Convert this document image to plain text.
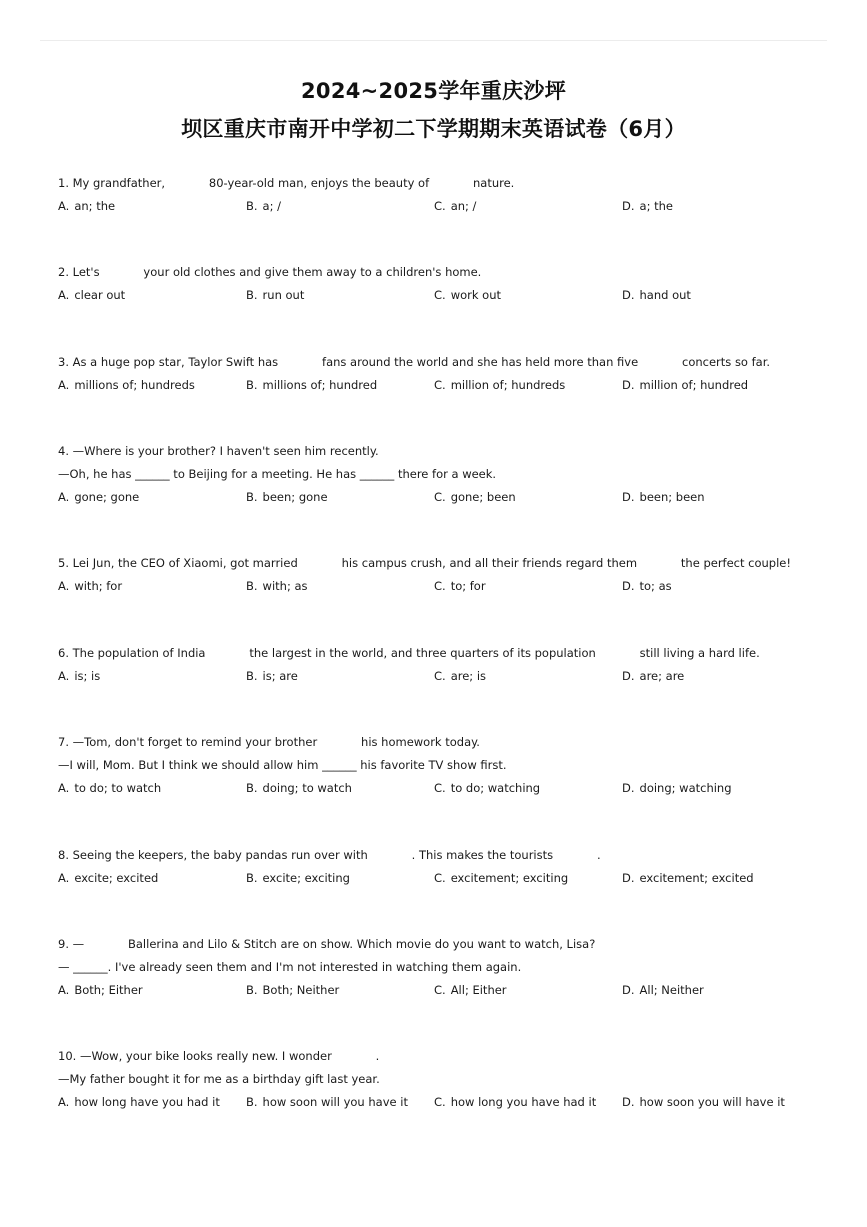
2024~2025学年重庆沙坪
坝区重庆市南开中学初二下学期期末英语试卷（6月）
1. My grandfather,            80-year-old man, enjoys the beauty of            nature.
A. an; the	B. a; /	C. an; /	D. a; the
2. Let's            your old clothes and give them away to a children's home.
A. clear out	B. run out	C. work out	D. hand out
3. As a huge pop star, Taylor Swift has            fans around the world and she has held more than five            concerts so far.
A. millions of; hundreds	B. millions of; hundred	C. million of; hundreds	D. million of; hundred
4. —Where is your brother? I haven't seen him recently.
—Oh, he has ______ to Beijing for a meeting. He has ______ there for a week.
A. gone; gone	B. been; gone	C. gone; been	D. been; been
5. Lei Jun, the CEO of Xiaomi, got married            his campus crush, and all their friends regard them            the perfect couple!
A. with; for	B. with; as	C. to; for	D. to; as
6. The population of India            the largest in the world, and three quarters of its population            still living a hard life.
A. is; is	B. is; are	C. are; is	D. are; are
7. —Tom, don't forget to remind your brother            his homework today.
—I will, Mom. But I think we should allow him ______ his favorite TV show first.
A. to do; to watch	B. doing; to watch	C. to do; watching	D. doing; watching
8. Seeing the keepers, the baby pandas run over with            . This makes the tourists            .
A. excite; excited	B. excite; exciting	C. excitement; exciting	D. excitement; excited
9. —            Ballerina and Lilo & Stitch are on show. Which movie do you want to watch, Lisa?
— ______. I've already seen them and I'm not interested in watching them again.
A. Both; Either	B. Both; Neither	C. All; Either	D. All; Neither
10. —Wow, your bike looks really new. I wonder            .
—My father bought it for me as a birthday gift last year.
A. how long have you had it B. how soon will you have it C. how long you have had it D. how soon you will have it
